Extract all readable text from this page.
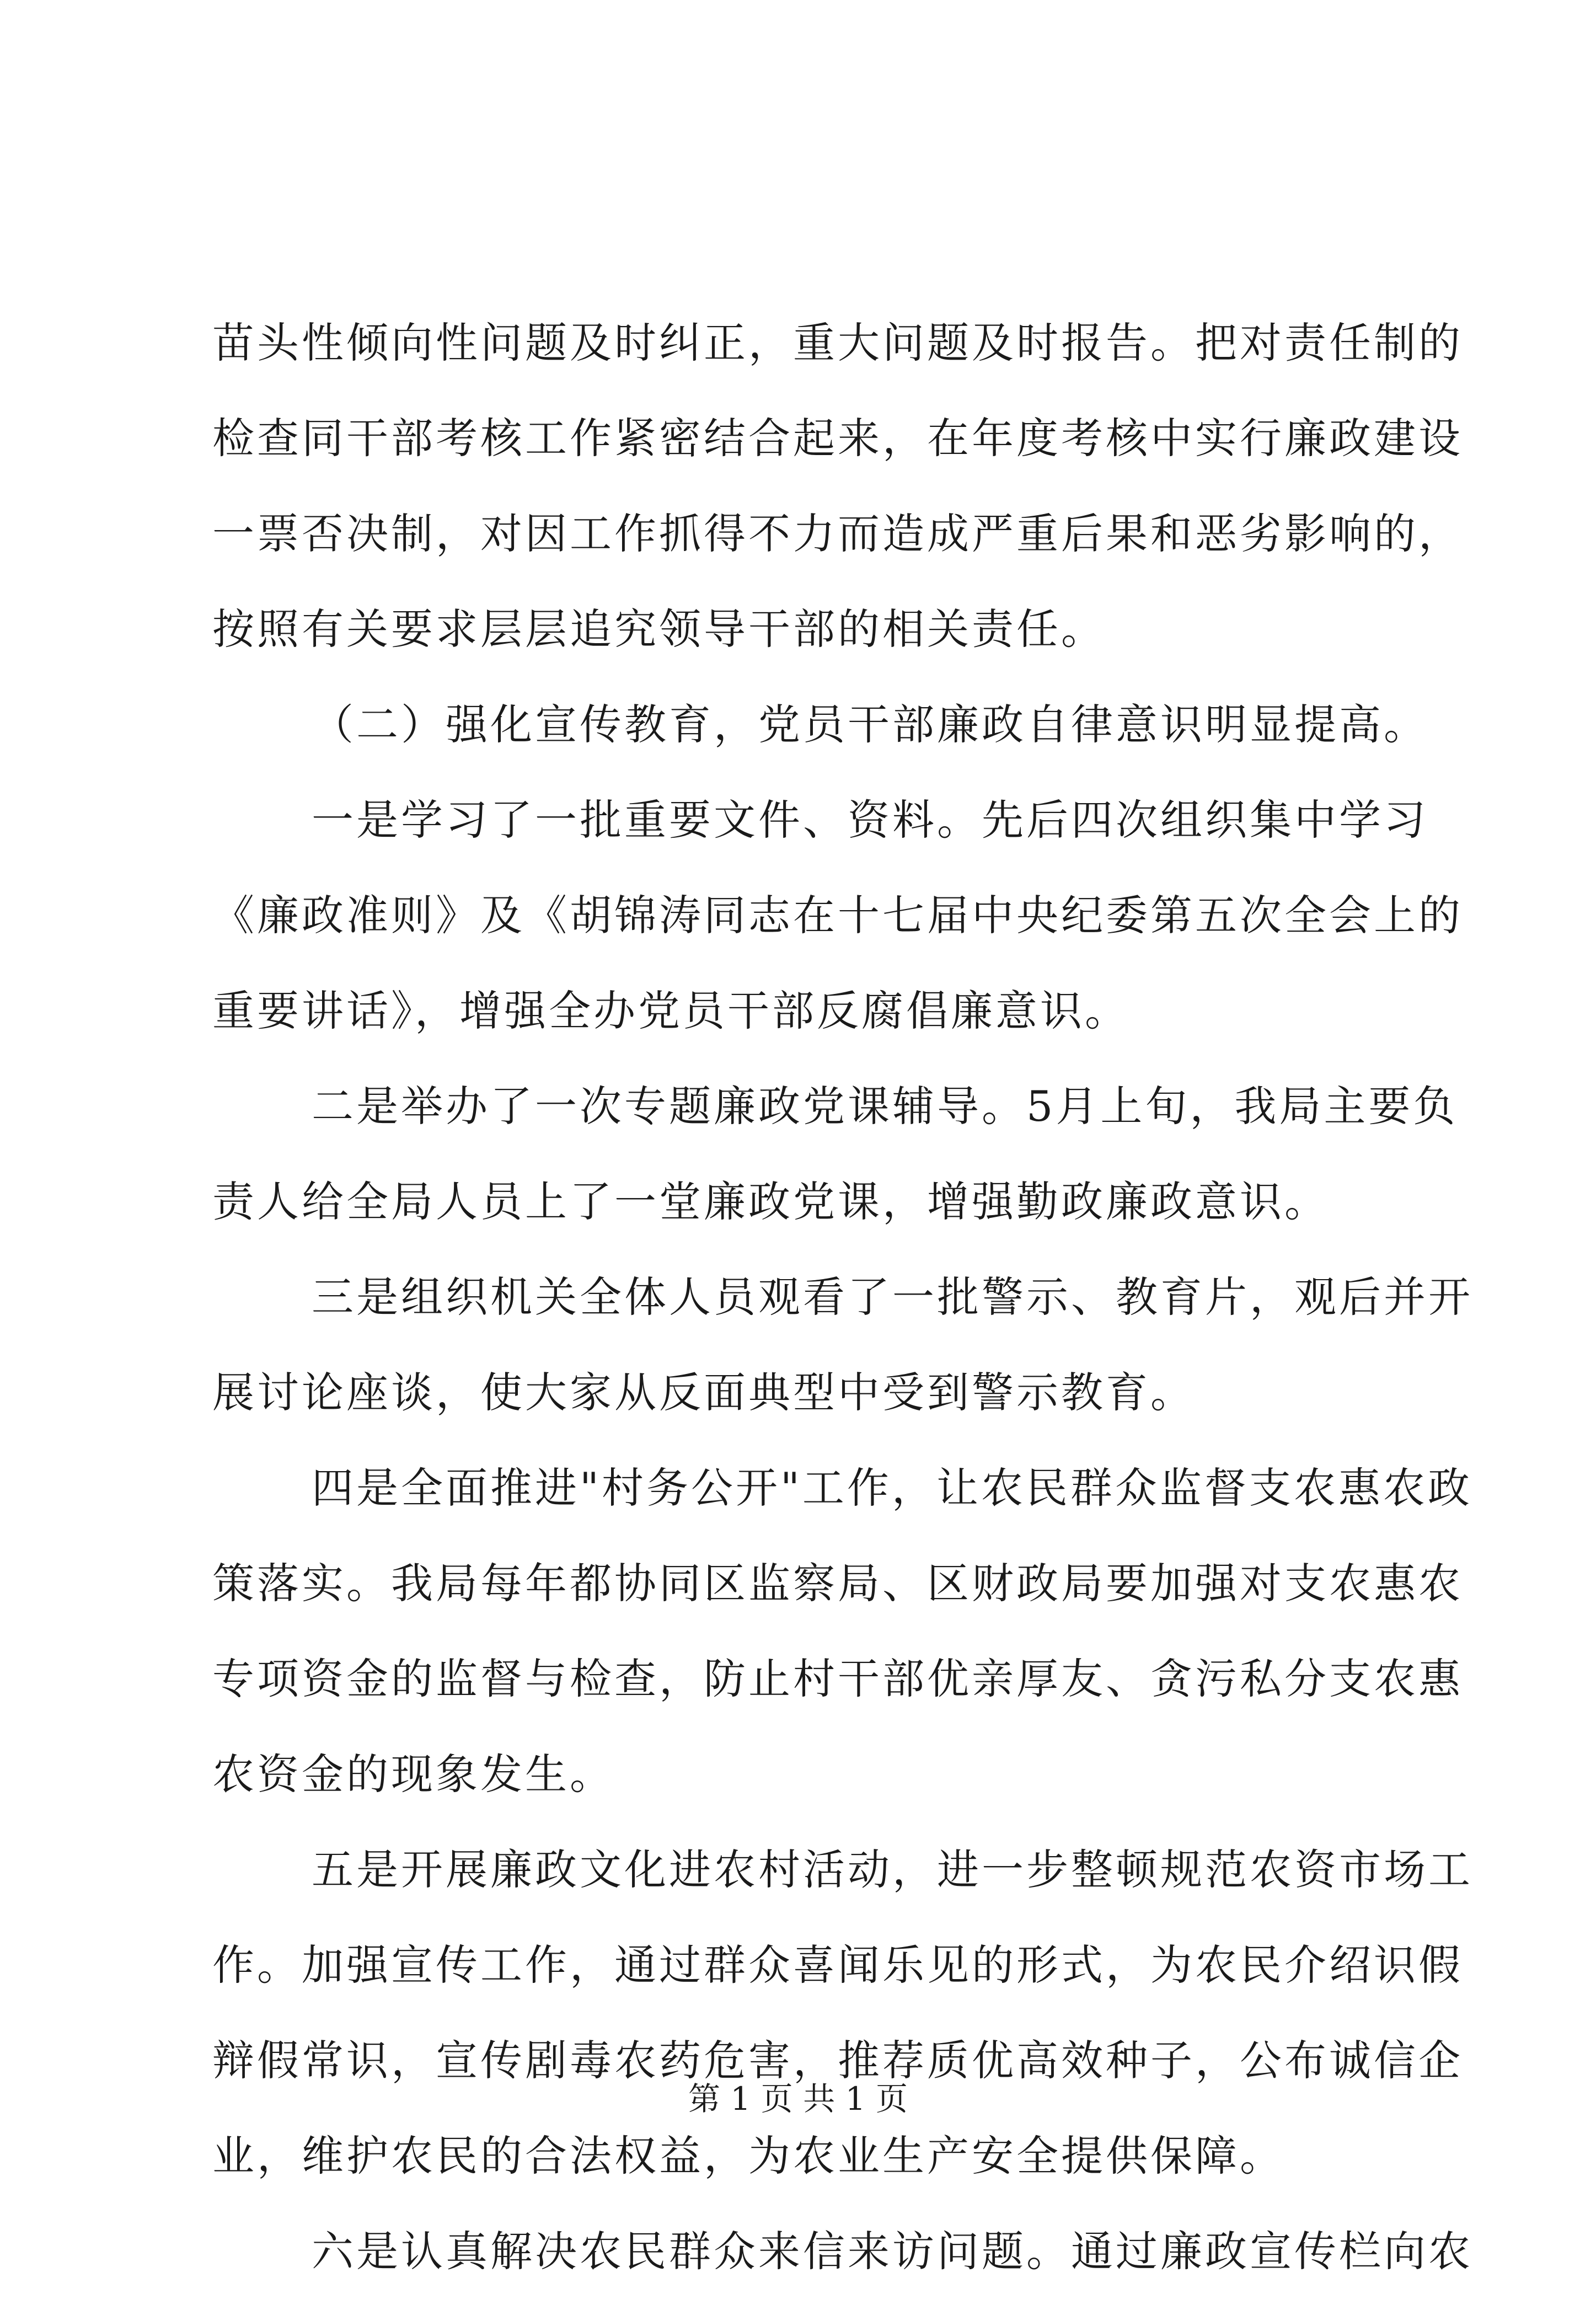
苗头性倾向性问题及时纠正，重大问题及时报告。把对责任制的
检查同干部考核工作紧密结合起来，在年度考核中实行廉政建设
一票否决制，对因工作抓得不力而造成严重后果和恶劣影响的，
按照有关要求层层追究领导干部的相关责任。
（二）强化宣传教育，党员干部廉政自律意识明显提高。
一是学习了一批重要文件、资料。先后四次组织集中学习
《廉政准则》及《胡锦涛同志在十七届中央纪委第五次全会上的
重要讲话》，增强全办党员干部反腐倡廉意识。
二是举办了一次专题廉政党课辅导。5月上旬，我局主要负
责人给全局人员上了一堂廉政党课，增强勤政廉政意识。
三是组织机关全体人员观看了一批警示、教育片，观后并开
展讨论座谈，使大家从反面典型中受到警示教育。
四是全面推进"村务公开"工作，让农民群众监督支农惠农政
策落实。我局每年都协同区监察局、区财政局要加强对支农惠农
专项资金的监督与检查，防止村干部优亲厚友、贪污私分支农惠
农资金的现象发生。
五是开展廉政文化进农村活动，进一步整顿规范农资市场工
作。加强宣传工作，通过群众喜闻乐见的形式，为农民介绍识假
辩假常识，宣传剧毒农药危害，推荐质优高效种子，公布诚信企
业，维护农民的合法权益，为农业生产安全提供保障。
六是认真解决农民群众来信来访问题。通过廉政宣传栏向农
第 1 页 共 1 页
